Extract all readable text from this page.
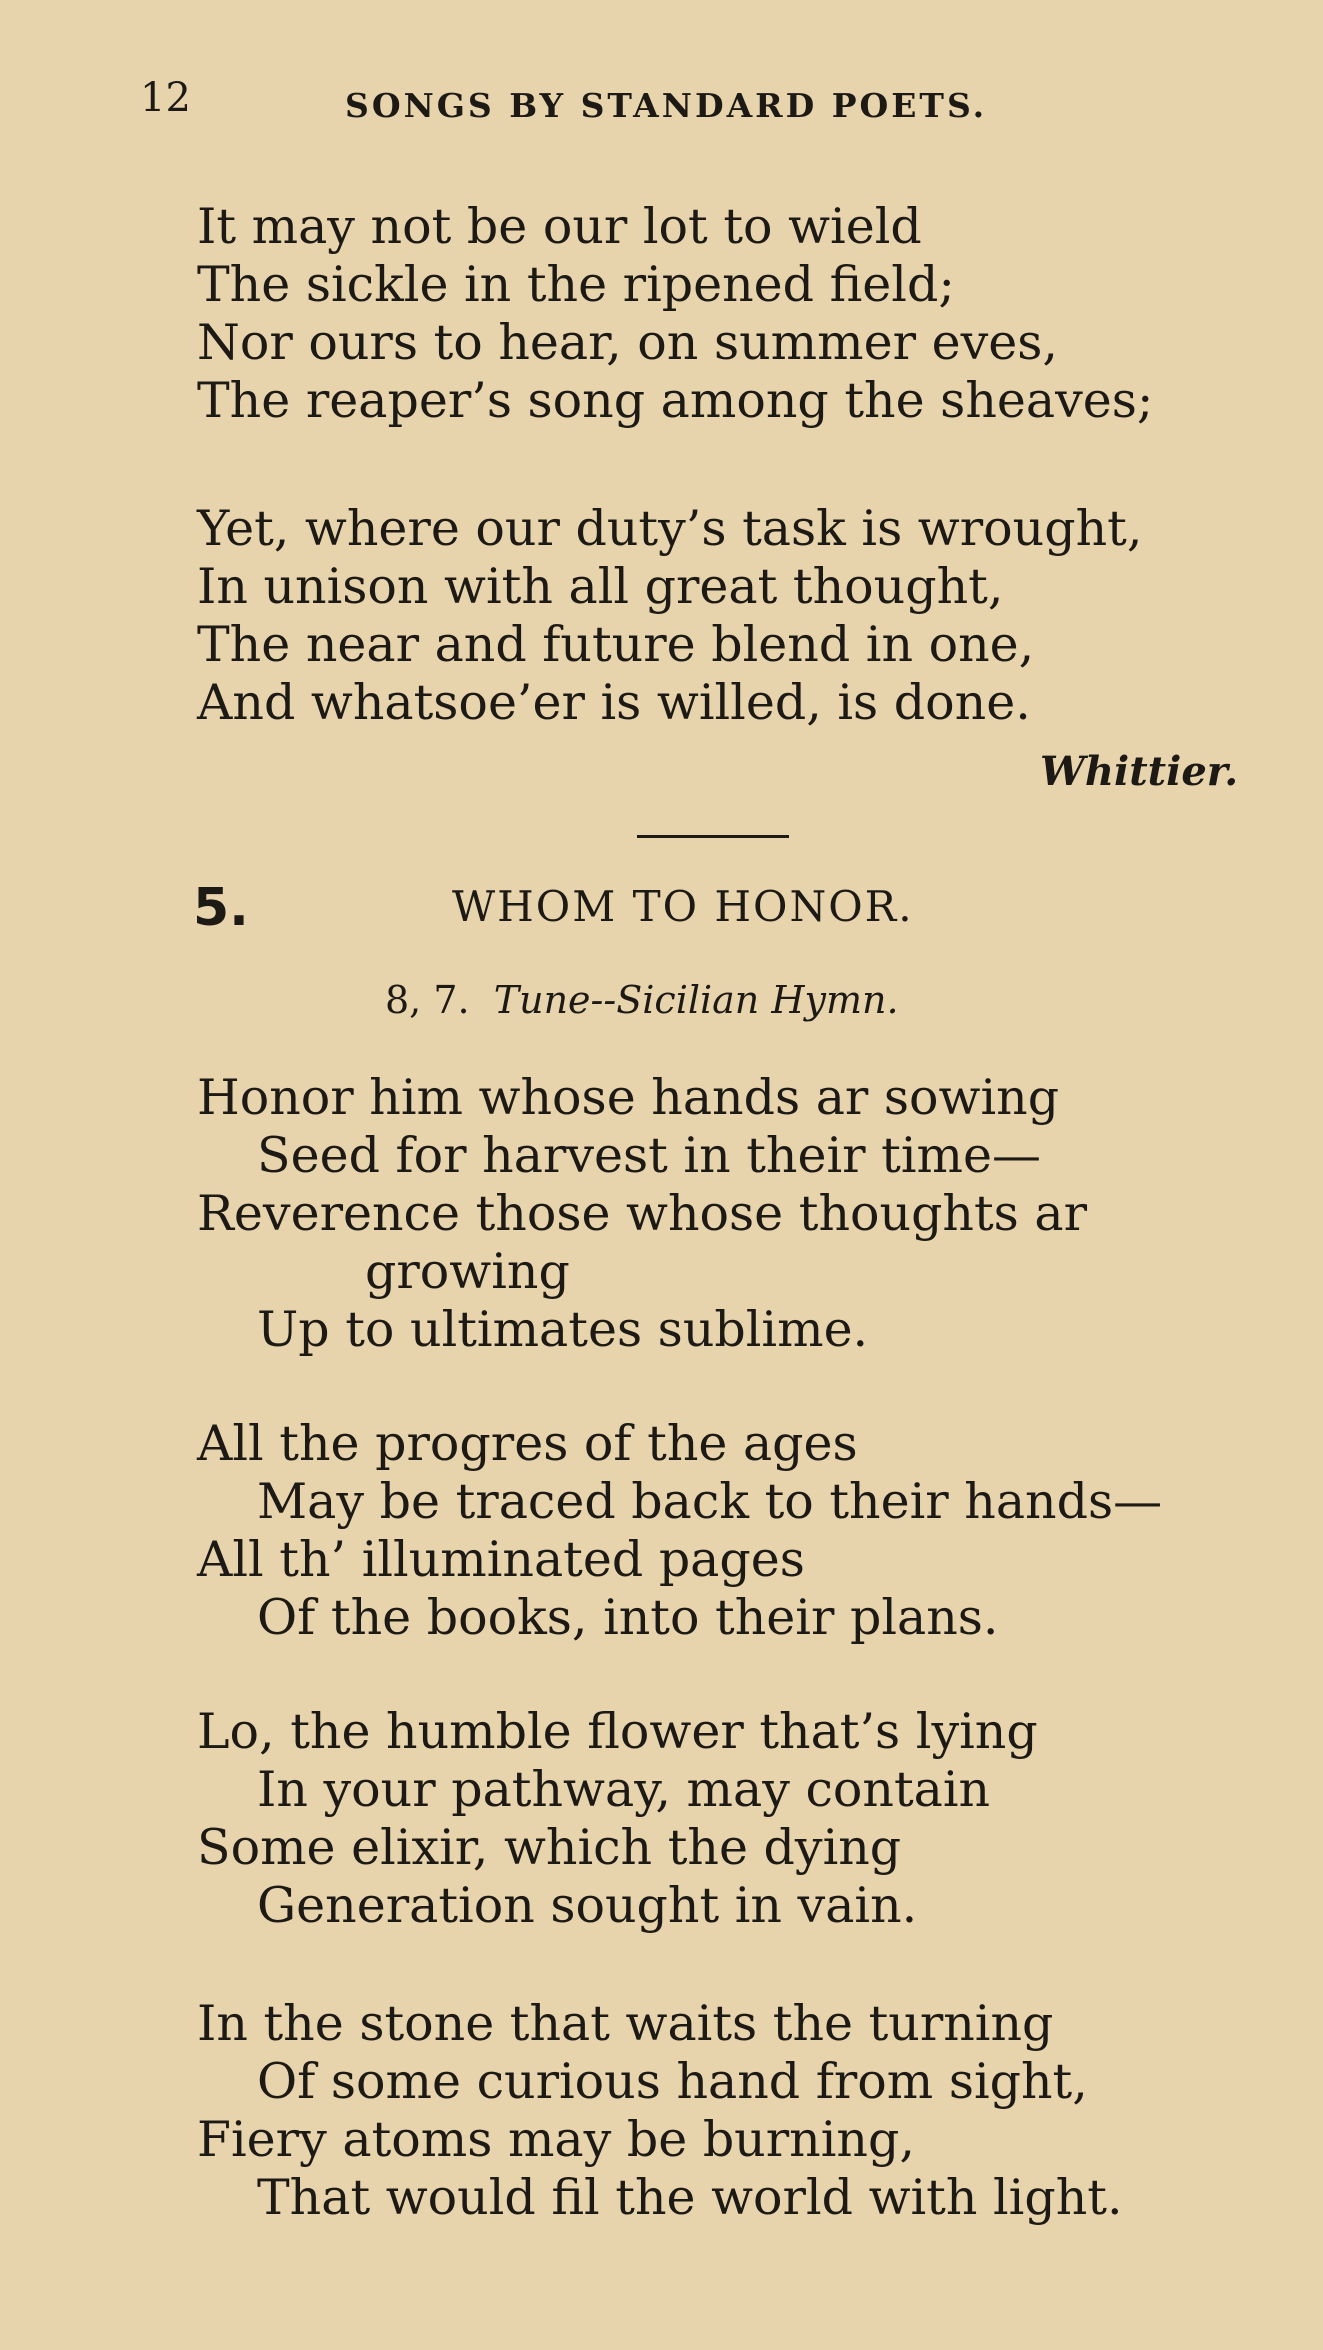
12	SONGS BY STANDARD POETS.
It may not be our lot to wield
The sickle in the ripened field;
Nor ours to hear, on summer eves,
The reaper’s song among the sheaves;
Yet, where our duty’s task is wrought,
In unison with all great thought,
The near and future blend in one,
And whatsoe’er is willed, is done.
Whittier.
5.	WHOM TO HONOR.
8, 7. Tune--Sicilian Hymn.
Honor him whose hands ar sowing
Seed for harvest in their time—
Reverence those whose thoughts ar
growing
Up to ultimates sublime.
All the progres of the ages
May be traced back to their hands—
All th’ illuminated pages
Of the books, into their plans.
Lo, the humble flower that’s lying
In your pathway, may contain
Some elixir, which the dying
Generation sought in vain.
In the stone that waits the turning
Of some curious hand from sight,
Fiery atoms may be burning,
That would fil the world with light.
